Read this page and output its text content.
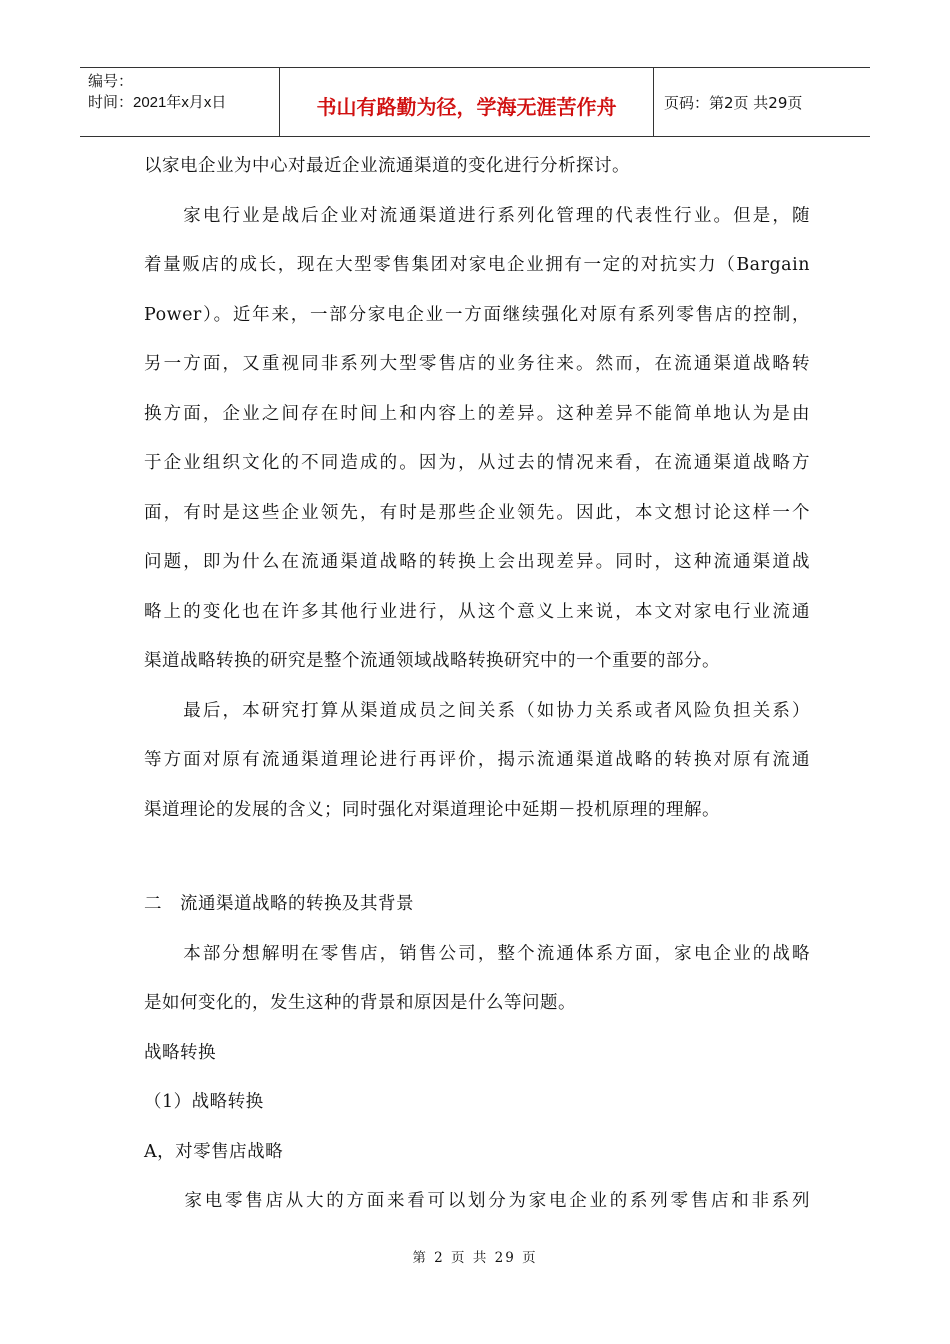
编号：
时间：2021年x月x日	书山有路勤为径，学海无涯苦作舟	页码：第2页 共29页
以家电企业为中心对最近企业流通渠道的变化进行分析探讨。
　　家电行业是战后企业对流通渠道进行系列化管理的代表性行业。但是，随
着量贩店的成长，现在大型零售集团对家电企业拥有一定的对抗实力（Bargain
Power）。近年来，一部分家电企业一方面继续强化对原有系列零售店的控制，
另一方面，又重视同非系列大型零售店的业务往来。然而，在流通渠道战略转
换方面，企业之间存在时间上和内容上的差异。这种差异不能简单地认为是由
于企业组织文化的不同造成的。因为，从过去的情况来看，在流通渠道战略方
面，有时是这些企业领先，有时是那些企业领先。因此，本文想讨论这样一个
问题，即为什么在流通渠道战略的转换上会出现差异。同时，这种流通渠道战
略上的变化也在许多其他行业进行，从这个意义上来说，本文对家电行业流通
渠道战略转换的研究是整个流通领域战略转换研究中的一个重要的部分。
　　最后，本研究打算从渠道成员之间关系（如协力关系或者风险负担关系）
等方面对原有流通渠道理论进行再评价，揭示流通渠道战略的转换对原有流通
渠道理论的发展的含义；同时强化对渠道理论中延期－投机原理的理解。
二　流通渠道战略的转换及其背景
　　本部分想解明在零售店，销售公司，整个流通体系方面，家电企业的战略
是如何变化的，发生这种的背景和原因是什么等问题。
战略转换
（1）战略转换
A，对零售店战略
　　家电零售店从大的方面来看可以划分为家电企业的系列零售店和非系列
第 2 页 共 29 页
